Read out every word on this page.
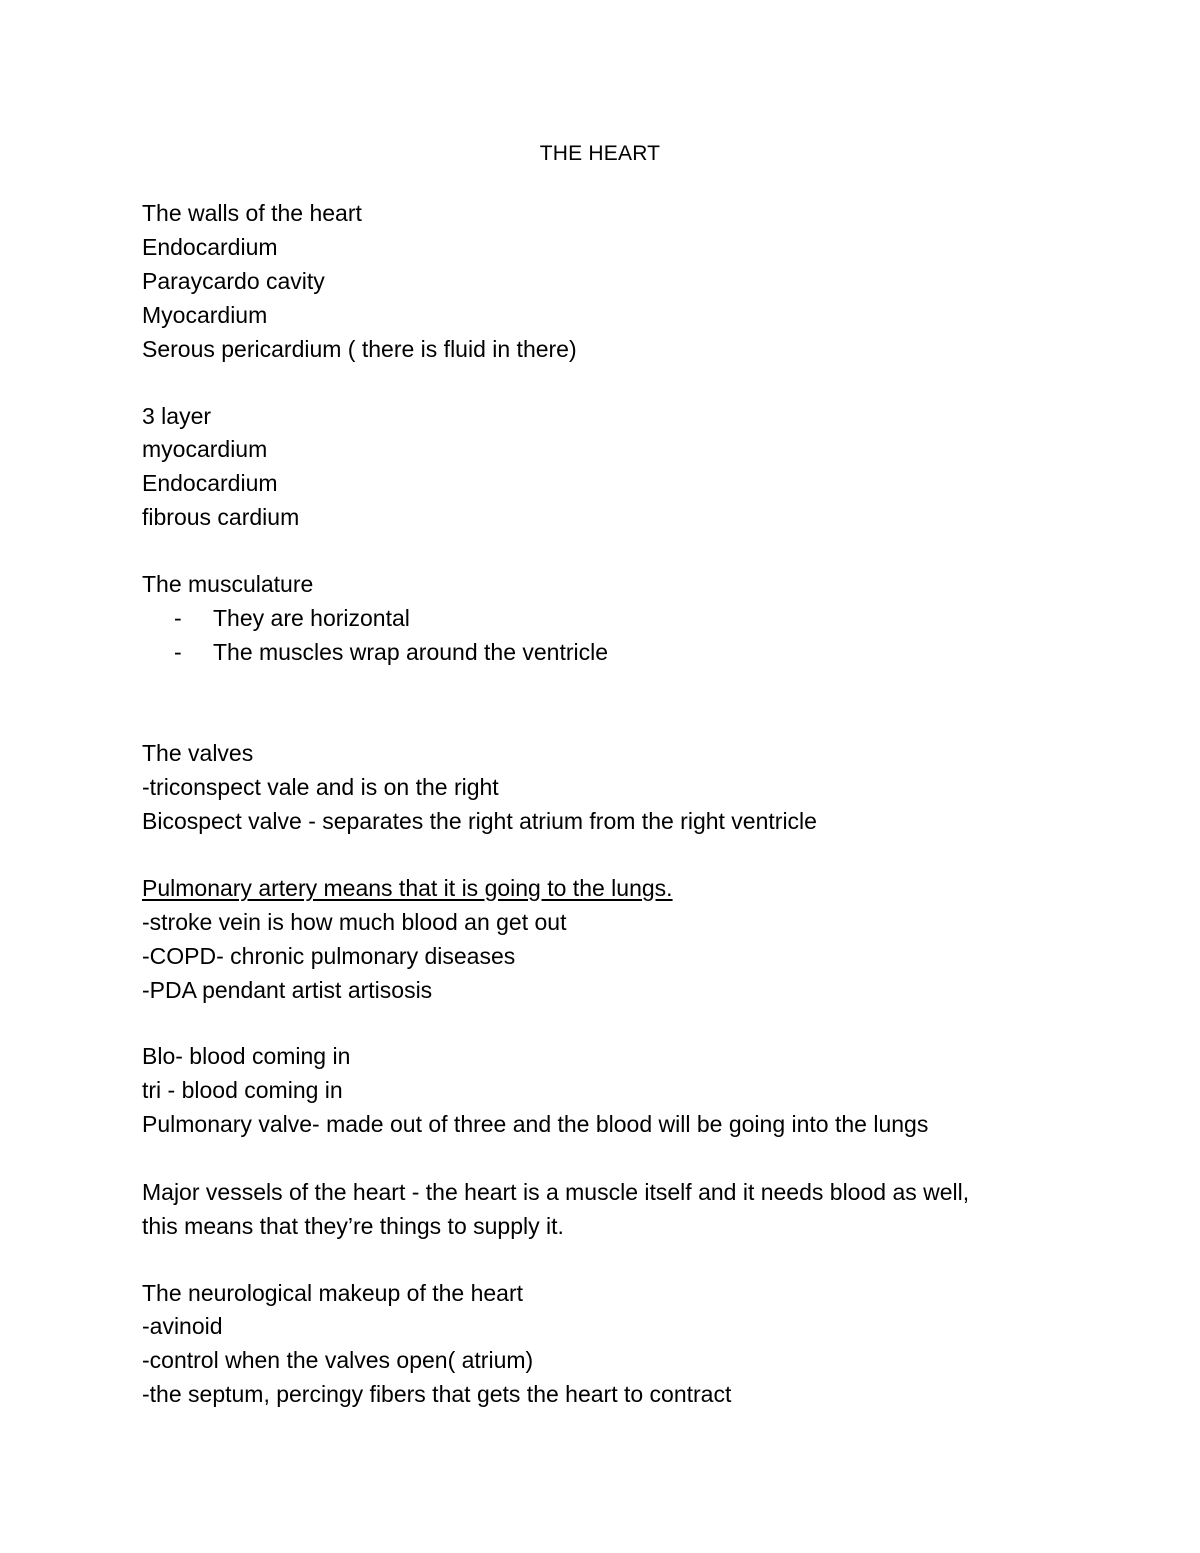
THE HEART
The walls of the heart
Endocardium
Paraycardo cavity
Myocardium
Serous pericardium ( there is fluid in there)
3 layer
myocardium
Endocardium
fibrous cardium
The musculature
- They are horizontal
- The muscles wrap around the ventricle
The valves
-triconspect vale and is on the right
Bicospect valve - separates the right atrium from the right ventricle
Pulmonary artery means that it is going to the lungs.
-stroke vein is how much blood an get out
-COPD- chronic pulmonary diseases
-PDA pendant artist artisosis
Blo- blood coming in
tri - blood coming in
Pulmonary valve- made out of three and the blood will be going into the lungs
Major vessels of the heart - the heart is a muscle itself and it needs blood as well,
this means that they’re things to supply it.
The neurological makeup of the heart
-avinoid
-control when the valves open( atrium)
-the septum, percingy fibers that gets the heart to contract
